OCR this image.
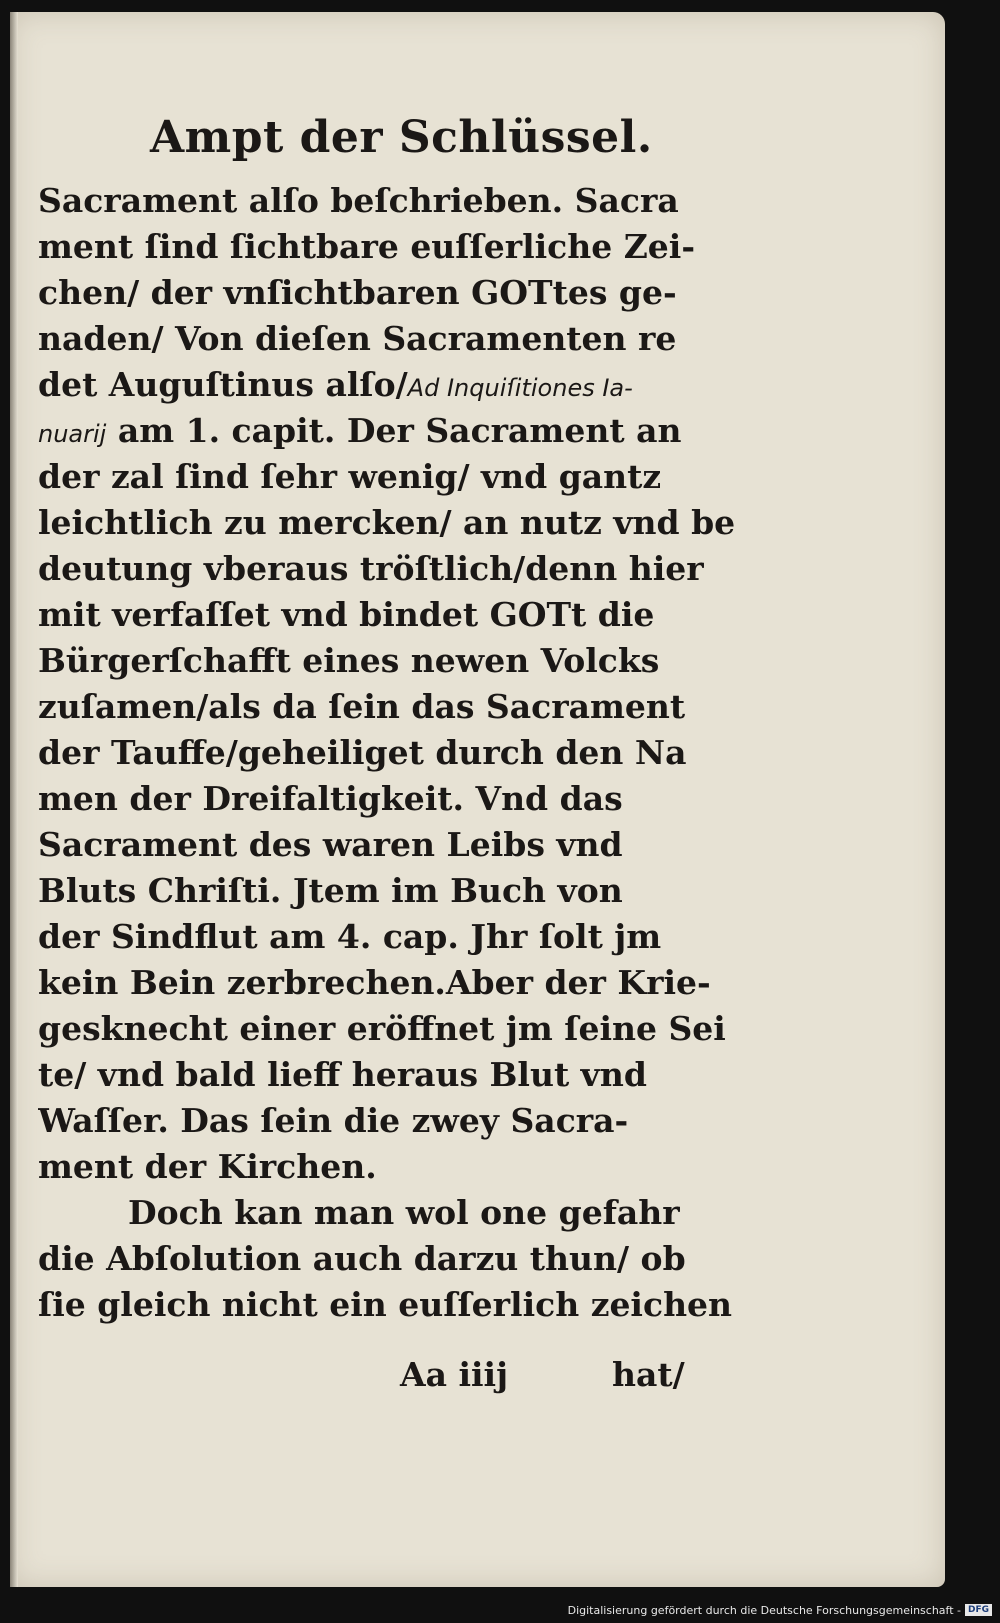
Ampt der Schlüssel.
Sacrament alſo beſchrieben. Sacra
ment ſind ſichtbare euſſerliche Zei-
chen/ der vnſichtbaren GOTtes ge-
naden/ Von dieſen Sacramenten re
det Auguſtinus alſo/Ad Inquiſitiones Ia-
nuarij am 1. capit. Der Sacrament an
der zal ſind ſehr wenig/ vnd gantz
leichtlich zu mercken/ an nutz vnd be
deutung vberaus tröſtlich/denn hier
mit verfaſſet vnd bindet GOTt die
Bürgerſchafft eines newen Volcks
zuſamen/als da ſein das Sacrament
der Tauffe/geheiliget durch den Na
men der Dreifaltigkeit. Vnd das
Sacrament des waren Leibs vnd
Bluts Chriſti. Jtem im Buch von
der Sindflut am 4. cap. Jhr ſolt jm
kein Bein zerbrechen.Aber der Krie-
gesknecht einer eröffnet jm ſeine Sei
te/ vnd bald lieff heraus Blut vnd
Waſſer. Das ſein die zwey Sacra-
ment der Kirchen.
Doch kan man wol one gefahr
die Abſolution auch darzu thun/ ob
ſie gleich nicht ein euſſerlich zeichen
Aa iiij	hat/
Digitalisierung gefördert durch die Deutsche Forschungsgemeinschaft - DFG
